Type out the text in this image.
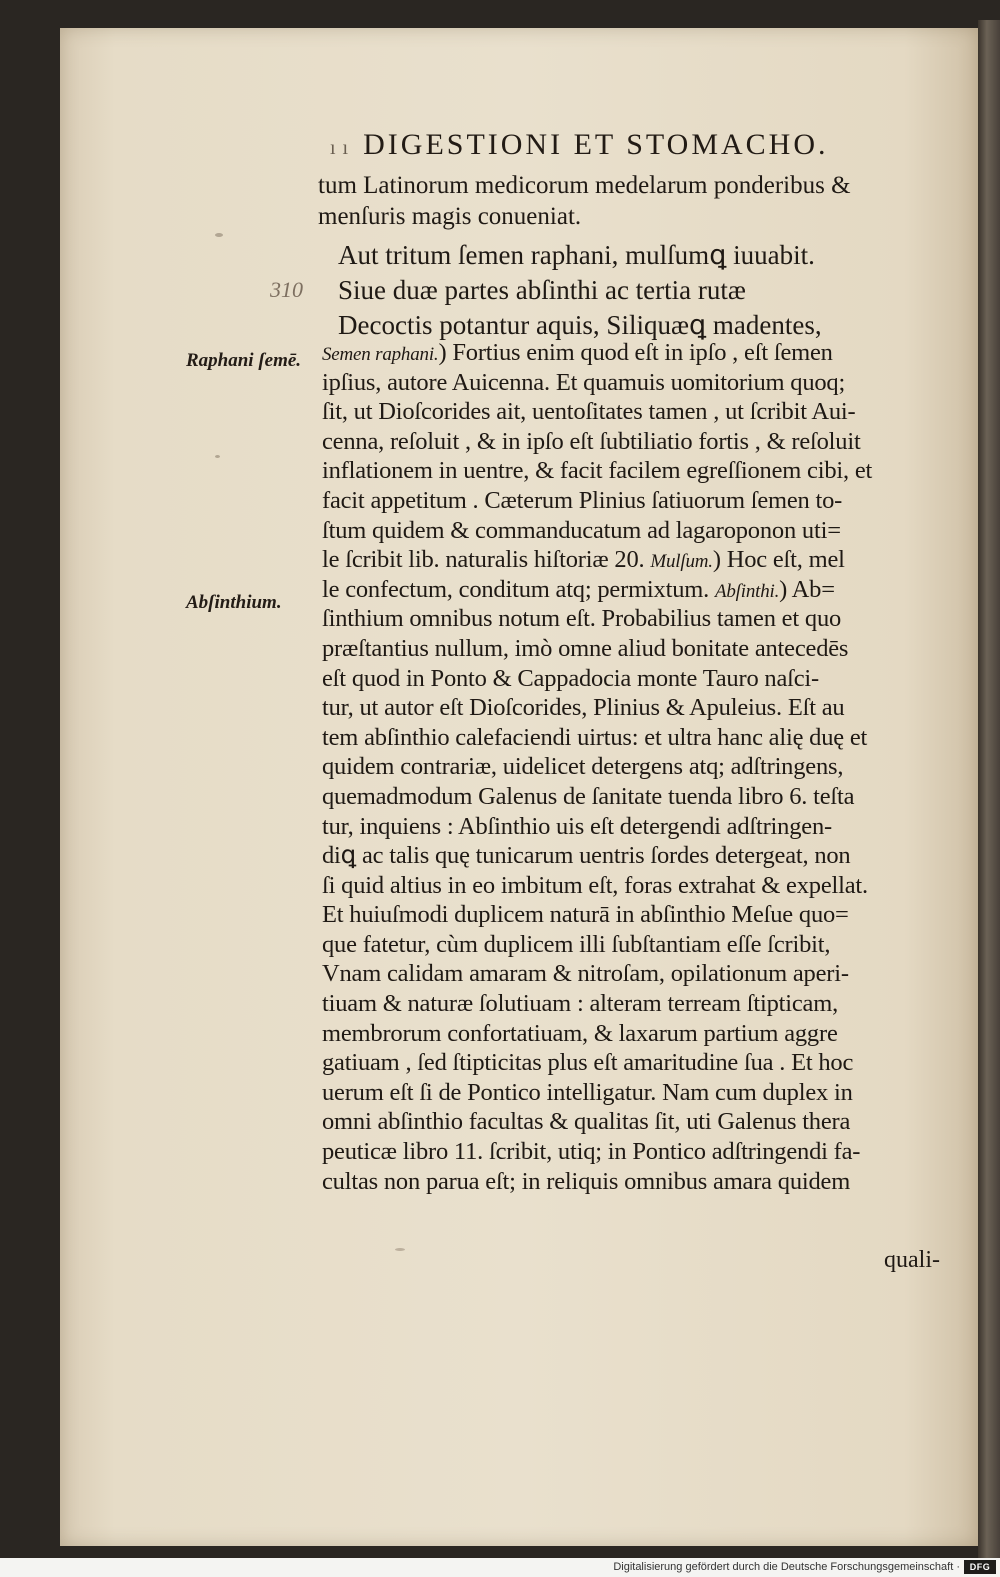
ı ı DIGESTIONI ET STOMACHO.
tum Latinorum medicorum medelarum ponderibus &
menſuris magis conueniat.
Aut tritum ſemen raphani, mulſumꝗ iuuabit.
310 Siue duæ partes abſinthi ac tertia rutæ
Decoctis potantur aquis, Siliquæꝗ madentes,
Raphani ſemē.
Abſinthium.
Semen raphani.) Fortius enim quod eſt in ipſo , eſt ſemen
ipſius, autore Auicenna. Et quamuis uomitorium quoq;
ſit, ut Dioſcorides ait, uentoſitates tamen , ut ſcribit Aui-
cenna, reſoluit , & in ipſo eſt ſubtiliatio fortis , & reſoluit
inflationem in uentre, & facit facilem egreſſionem cibi, et
facit appetitum . Cæterum Plinius ſatiuorum ſemen to-
ſtum quidem & commanducatum ad lagaroponon uti=
le ſcribit lib. naturalis hiſtoriæ 20. Mulſum.) Hoc eſt, mel
le confectum, conditum atq; permixtum. Abſinthi.) Ab=
ſinthium omnibus notum eſt. Probabilius tamen et quo
præſtantius nullum, imò omne aliud bonitate antecedēs
eſt quod in Ponto & Cappadocia monte Tauro naſci-
tur, ut autor eſt Dioſcorides, Plinius & Apuleius. Eſt au
tem abſinthio calefaciendi uirtus: et ultra hanc alię duę et
quidem contrariæ, uidelicet detergens atq; adſtringens,
quemadmodum Galenus de ſanitate tuenda libro 6. teſta
tur, inquiens : Abſinthio uis eſt detergendi adſtringen-
diꝗ ac talis quę tunicarum uentris ſordes detergeat, non
ſi quid altius in eo imbitum eſt, foras extrahat & expellat.
Et huiuſmodi duplicem naturā in abſinthio Meſue quo=
que fatetur, cùm duplicem illi ſubſtantiam eſſe ſcribit,
Vnam calidam amaram & nitroſam, opilationum aperi-
tiuam & naturæ ſolutiuam : alteram terream ſtipticam,
membrorum confortatiuam, & laxarum partium aggre
gatiuam , ſed ſtipticitas plus eſt amaritudine ſua . Et hoc
uerum eſt ſi de Pontico intelligatur. Nam cum duplex in
omni abſinthio facultas & qualitas ſit, uti Galenus thera
peuticæ libro 11. ſcribit, utiq; in Pontico adſtringendi fa-
cultas non parua eſt; in reliquis omnibus amara quidem
quali-
Digitalisierung gefördert durch die Deutsche Forschungsgemeinschaft ·	DFG
